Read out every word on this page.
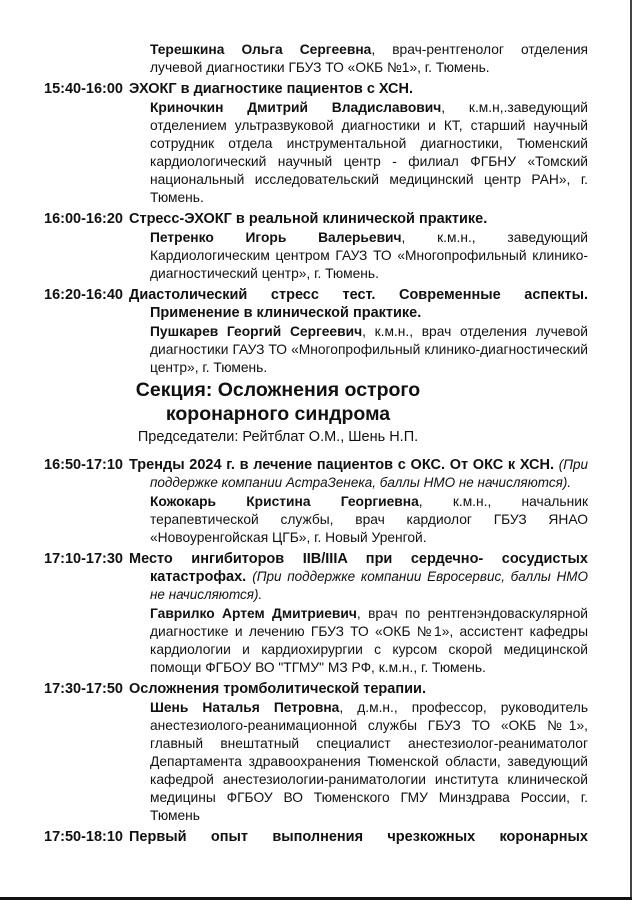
Терешкина Ольга Сергеевна, врач-рентгенолог отделения лучевой диагностики ГБУЗ ТО «ОКБ №1», г. Тюмень.
15:40-16:00 ЭХОКГ в диагностике пациентов с ХСН.
Криночкин Дмитрий Владиславович, к.м.н,.заведующий отделением ультразвуковой диагностики и КТ, старший научный сотрудник отдела инструментальной диагностики, Тюменский кардиологический научный центр - филиал ФГБНУ «Томский национальный исследовательский медицинский центр РАН», г. Тюмень.
16:00-16:20 Стресс-ЭХОКГ в реальной клинической практике.
Петренко Игорь Валерьевич, к.м.н., заведующий Кардиологическим центром ГАУЗ ТО «Многопрофильный клинико-диагностический центр», г. Тюмень.
16:20-16:40 Диастолический стресс тест. Современные аспекты. Применение в клинической практике.
Пушкарев Георгий Сергеевич, к.м.н., врач отделения лучевой диагностики ГАУЗ ТО «Многопрофильный клинико-диагностический центр», г. Тюмень.
Секция: Осложнения острого коронарного синдрома
Председатели: Рейтблат О.М., Шень Н.П.
16:50-17:10 Тренды 2024 г. в лечение пациентов с ОКС. От ОКС к ХСН. (При поддержке компании АстраЗенека, баллы НМО не начисляются).
Кожокарь Кристина Георгиевна, к.м.н., начальник терапевтической службы, врач кардиолог ГБУЗ ЯНАО «Новоуренгойская ЦГБ», г. Новый Уренгой.
17:10-17:30 Место ингибиторов IIB/IIIA при сердечно- сосудистых катастрофах. (При поддержке компании Евросервис, баллы НМО не начисляются).
Гаврилко Артем Дмитриевич, врач по рентгенэндоваскулярной диагностике и лечению ГБУЗ ТО «ОКБ №1», ассистент кафедры кардиологии и кардиохирургии с курсом скорой медицинской помощи ФГБОУ ВО "ТГМУ" МЗ РФ, к.м.н., г. Тюмень.
17:30-17:50 Осложнения тромболитической терапии.
Шень Наталья Петровна, д.м.н., профессор, руководитель анестезиолого-реанимационной службы ГБУЗ ТО «ОКБ №1», главный внештатный специалист анестезиолог-реаниматолог Департамента здравоохранения Тюменской области, заведующий кафедрой анестезиологии-раниматологии института клинической медицины ФГБОУ ВО Тюменского ГМУ Минздрава России, г. Тюмень
17:50-18:10 Первый опыт выполнения чрезкожных коронарных
